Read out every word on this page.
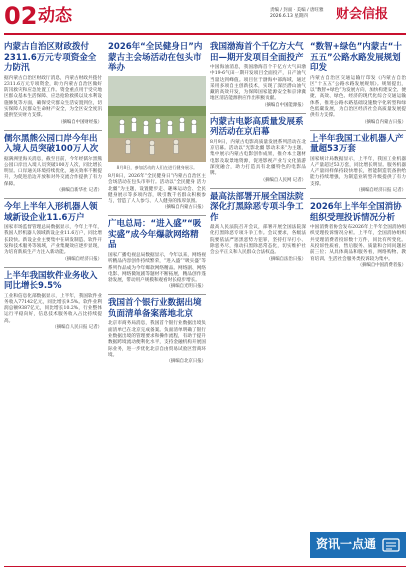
02 动态	责编 / 封面 · 美编 / 唐旺雅
2026.6.13 星期四	财会信报
内蒙古自治区财政拨付2311.6万元专项资金全力防汛

据内蒙古自治区财政厅消息，内蒙古财政共拨付2311.6万元专项资金，助力内蒙古自治区做好防汛救灾和应急处置工作。资金重点用于受灾地区群众基本生活保障、应急抢险救援以及水利设施修复等方面，确保受灾群众生活安置到位，切实保障人民群众生命财产安全，为全区安全度汛提供坚实财力支撑。

（摘编自中国财经报）

儒尔黑熊公园口岸今年出入境人员突破100万人次

据满洲里海关消息，截至目前，今年经儒尔黑熊公园口岸出入境人员突破100万人次，同比增长明显。口岸通关环境持续优化，通关效率不断提升，为促进沿边开放和对外交流合作提供了有力保障。

（摘编自新华社 记者）

今年上半年入形机器人领域新设企业11.6万户

国家市场监督管理总局数据显示，今年上半年，我国人形机器人领域新设企业11.6万户，同比增长较快。新设企业主要集中在研发制造、软件开发和技术服务等领域，产业集聚效应逐步显现，为培育新质生产力注入新动能。

（摘编自经济日报）

上半年我国软件业务收入同比增长9.5%

工业和信息化部数据显示，上半年，我国软件业务收入77142亿元，同比增长9.5%。软件业利润总额9387亿元，同比增长10.2%，行业整体运行平稳向好，信息技术服务收入占比持续提高。

（摘编自人民日报 记者）

2026年“全民健身日”内蒙古主会场活动在包头市举办
8月8日，参加活动的人们在进行健身展示。

8月8日，2026年“全民健身日”内蒙古自治区主会场活动在包头市举行。活动以“全民健身 活力北疆”为主题，设置健步走、趣味运动会、全民健身展示等多项内容，吸引数千名群众积极参与，营造了人人参与、人人健身的浓厚氛围。

（摘编自内蒙古日报）

广电总局：“进入盛”“吸实盛”成今年爆款网络精品

国家广播电视总局数据显示，今年以来，网络视听精品内容创作持续繁荣，“进入盛”“吸实盛”等系列作品成为今年爆款网络精品。网络剧、网络电影、网络微短剧等题材不断拓展，精品创作蓬勃发展，带动用户规模和观看时长稳步增长。

（摘编自光明日报）

我国首个银行业数据出境负面清单备案落地北京

北京市商务局消息，我国首个银行业数据出境负面清单已在北京完成备案。负面清单明确了银行业数据出境的管理要求和操作流程，有助于提升数据跨境流动便利化水平，支持金融机构开展国际业务，进一步优化北京自由贸易试验区营商环境。

（摘编自北京日报）

我国渤海首个千亿方大气田—期开发项目全面投产

中国海油消息，我国渤海首个千亿方大气田渤中19-6气田一期开发项目全面投产，日产油气当量达到峰值。项目位于渤海中部海域，通过采用多项自主创新技术，实现了深层潜山油气藏的高效开发，为保障国家能源安全和京津冀地区清洁能源供应作出积极贡献。

（摘编自中国能源报）

内蒙古电影高质量发展系列活动在京启幕

8月9日，内蒙古电影高质量发展系列活动在北京启幕。活动以“光影北疆 影动未来”为主题，集中展示内蒙古电影创作成果，推介本土题材电影及取景地资源，促进影视产业与文化旅游深度融合，助力打造具有北疆特色的电影品牌。

（摘编自人民网 记者）

最高法部署开展全国法院深化打黑除恶专项斗争工作

最高人民法院召开会议，部署开展全国法院深化打黑除恶专项斗争工作。会议要求，各级法院要依法严惩黑恶势力犯罪，坚持打早打小、除恶务尽，推动扫黑除恶常态化，切实维护社会公平正义和人民群众合法权益。

（摘编自法治日报）

“数智+绿色”内蒙古“十五五”公路水路发展规划印发

内蒙古自治区交通运输厅印发《内蒙古自治区“十五五”公路水路发展规划》。规划提出，以“数智+绿色”为发展方向，加快构建安全、便捷、高效、绿色、经济的现代化综合交通运输体系，推进公路水路基础设施数字化转型和绿色低碳发展，为自治区经济社会高质量发展提供有力支撑。

（摘编自内蒙古日报）

上半年我国工业机器人产量超53万套

国家统计局数据显示，上半年，我国工业机器人产量超过53万套，同比增长明显。服务机器人产量同样保持较快增长，智能制造装备供给能力持续增强，为制造业转型升级提供了有力支撑。

（摘编自经济日报 记者）

2026年上半年全国消协组织受理投诉情况分析

中国消费者协会发布2026年上半年全国消协组织受理投诉情况分析。上半年，全国消协组织共受理消费者投诉数十万件，同比有所变化。从投诉性质看，售后服务、质量和合同问题居前三位；从具体商品和服务看，网络购物、教育培训、生活社会服务类投诉较为集中。

（摘编自中国消费者报）

资讯一点通
